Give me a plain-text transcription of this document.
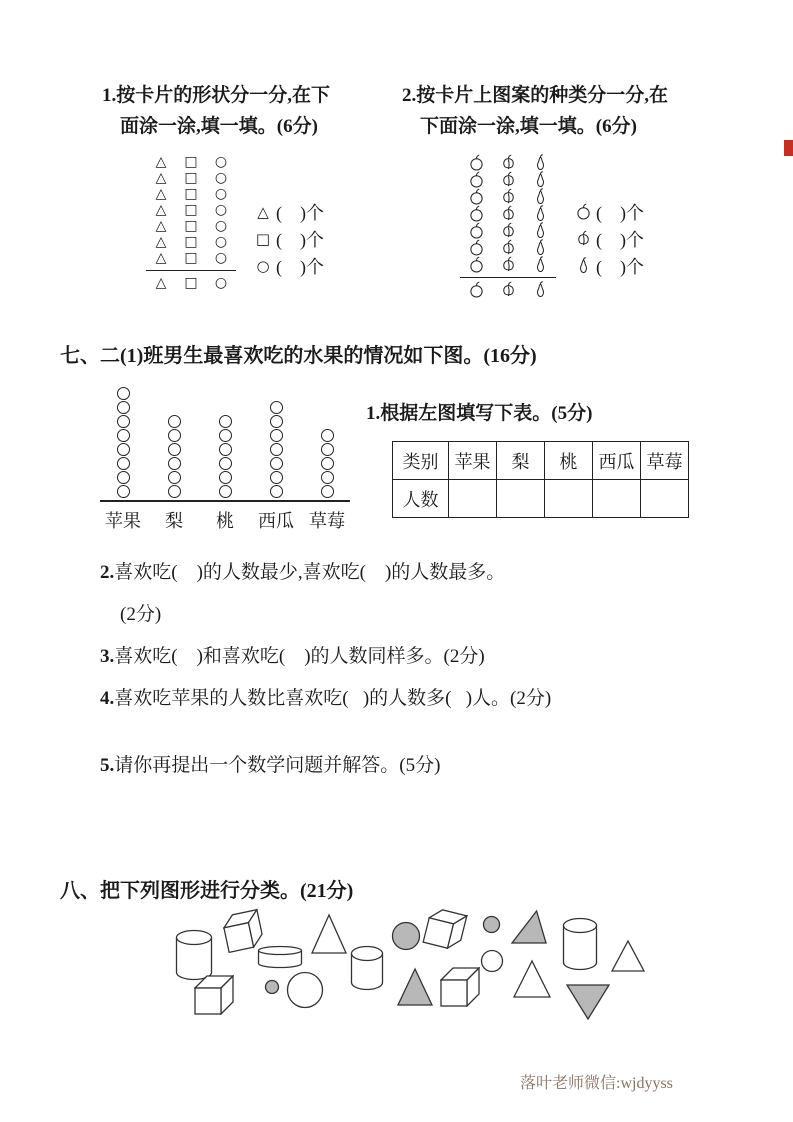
1.按卡片的形状分一分,在下
面涂一涂,填一填。(6分)
△	□	○
△	□	○
△	□	○
△	□	○
△	□	○
△	□	○
△	□	○
△	□	○
△ (    )个
□ (    )个
○ (    )个
2.按卡片上图案的种类分一分,在
下面涂一涂,填一填。(6分)
(    )个
(    )个
(    )个
七、二(1)班男生最喜欢吃的水果的情况如下图。(16分)
苹果	梨	桃	西瓜 草莓
1.根据左图填写下表。(5分)
类别	苹果	梨	桃	西瓜	草莓
人数					
2.喜欢吃(    )的人数最少,喜欢吃(    )的人数最多。
(2分)
3.喜欢吃(    )和喜欢吃(    )的人数同样多。(2分)
4.喜欢吃苹果的人数比喜欢吃(   )的人数多(   )人。(2分)
5.请你再提出一个数学问题并解答。(5分)
八、把下列图形进行分类。(21分)
落叶老师微信:wjdyyss
